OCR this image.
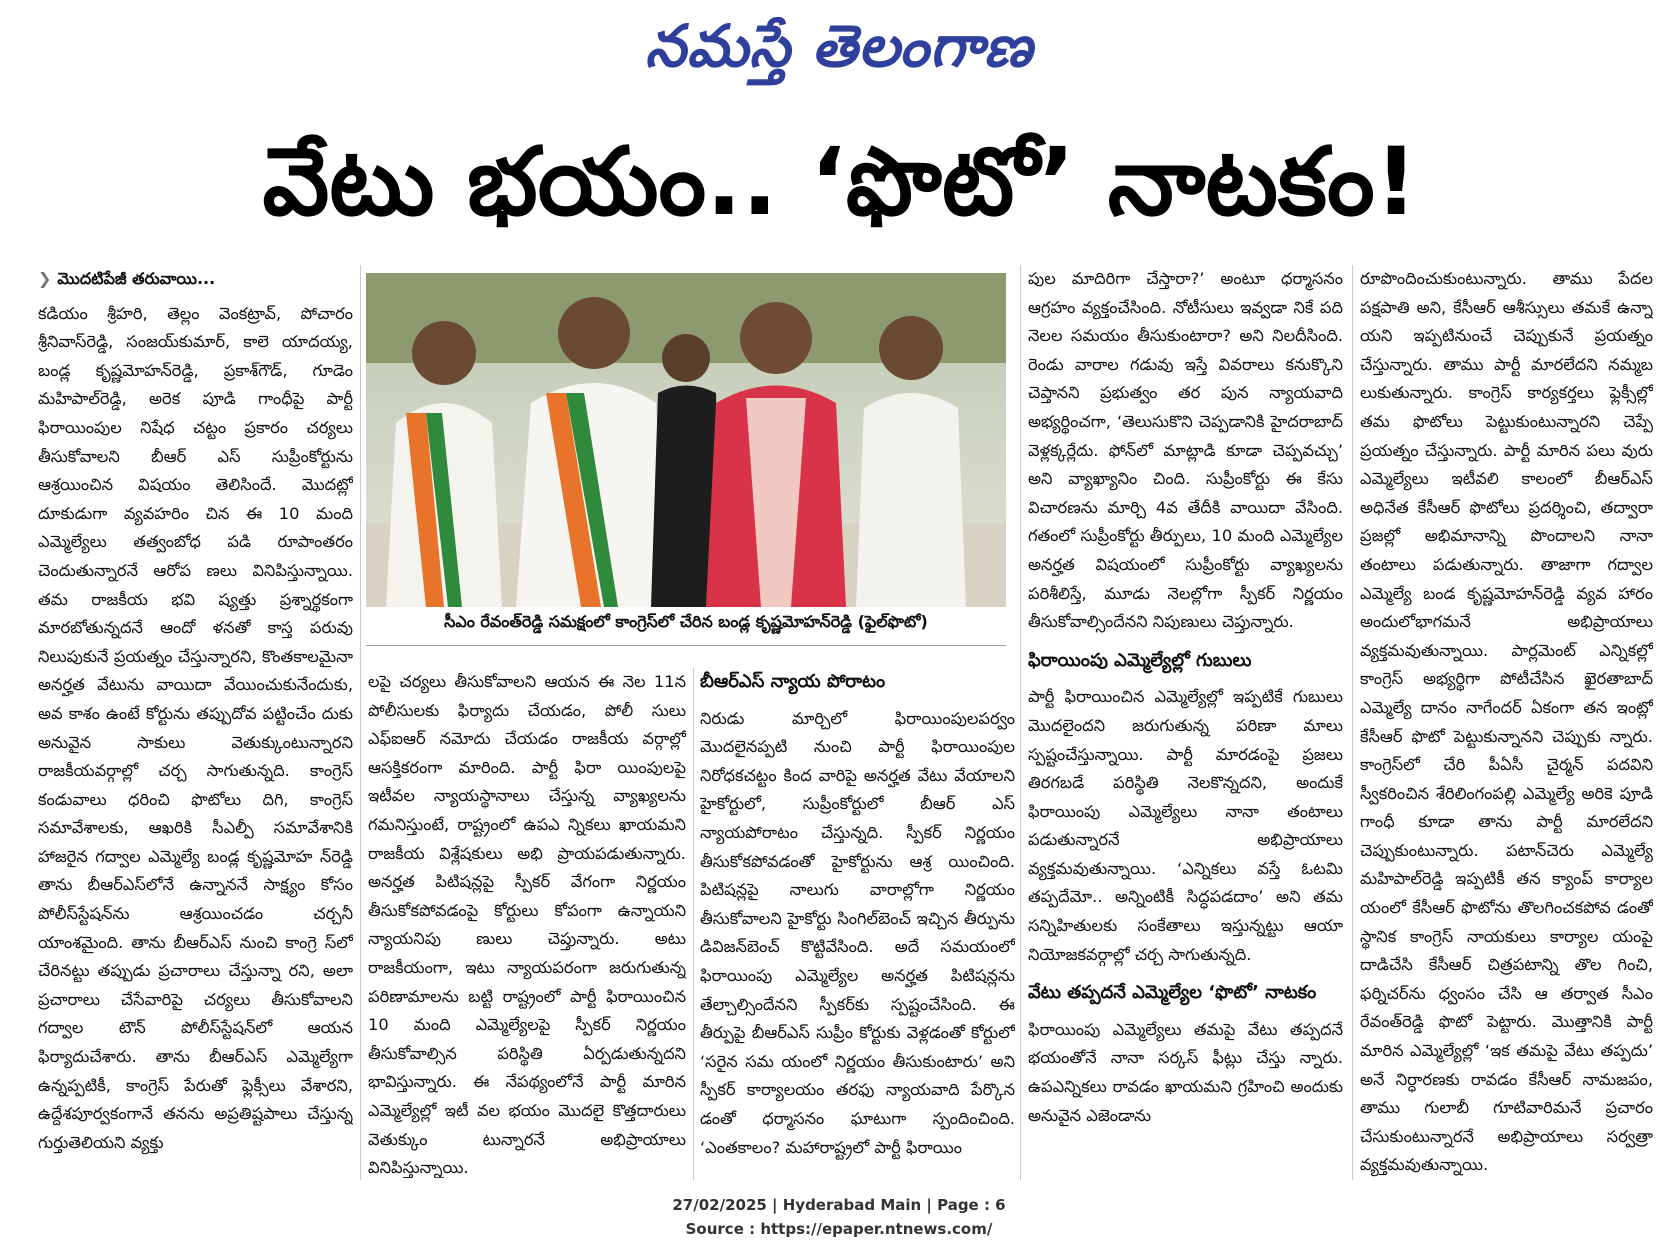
నమస్తే తెలంగాణ
వేటు భయం.. ‘ఫొటో’ నాటకం!
❯ మొదటిపేజీ తరువాయి...

కడియం శ్రీహరి, తెల్లం వెంకట్రావ్, పోచారం శ్రీనివాస్‌రెడ్డి, సంజయ్‌కుమార్, కాలె యాదయ్య, బండ్ల కృష్ణమోహన్‌రెడ్డి, ప్రకాశ్‌గౌడ్, గూడెం మహిపాల్‌రెడ్డి, అరెక పూడి గాంధీపై పార్టీ ఫిరాయింపుల నిషేధ చట్టం ప్రకారం చర్యలు తీసుకోవాలని బీఆర్ ఎస్ సుప్రీంకోర్టును ఆశ్రయించిన విషయం తెలిసిందే. మొదట్లో దూకుడుగా వ్యవహరిం చిన ఈ 10 మంది ఎమ్మెల్యేలు తత్వంబోధ పడి రూపాంతరం చెందుతున్నారనే ఆరోప ణలు వినిపిస్తున్నాయి. తమ రాజకీయ భవి ష్యత్తు ప్రశ్నార్థకంగా మారబోతున్నదనే ఆందో ళనతో కాస్త పరువు నిలుపుకునే ప్రయత్నం చేస్తున్నారని, కొంతకాలమైనా అనర్హత వేటును వాయిదా వేయించుకునేందుకు, అవ కాశం ఉంటే కోర్టును తప్పుదోవ పట్టించేం దుకు అనువైన సాకులు వెతుక్కుంటున్నారని రాజకీయవర్గాల్లో చర్చ సాగుతున్నది. కాంగ్రెస్ కండువాలు ధరించి ఫొటోలు దిగి, కాంగ్రెస్ సమావేశాలకు, ఆఖరికి సీఎల్పీ సమావేశానికి హాజరైన గద్వాల ఎమ్మెల్యే బండ్ల కృష్ణమోహ న్‌రెడ్డి తాను బీఆర్‌ఎస్‌లోనే ఉన్నాననే సాక్ష్యం కోసం పోలీస్‌స్టేషన్‌ను ఆశ్రయించడం చర్చనీ యాంశమైంది. తాను బీఆర్‌ఎస్ నుంచి కాంగ్రె స్‌లో చేరినట్టు తప్పుడు ప్రచారాలు చేస్తున్నా రని, అలా ప్రచారాలు చేసేవారిపై చర్యలు తీసుకోవాలని గద్వాల టౌన్ పోలీస్‌స్టేషన్‌లో ఆయన ఫిర్యాదుచేశారు. తాను బీఆర్‌ఎస్ ఎమ్మెల్యేగా ఉన్నప్పటికీ, కాంగ్రెస్ పేరుతో ఫ్లెక్సీలు వేశారని, ఉద్దేశపూర్వకంగానే తనను అప్రతిష్టపాలు చేస్తున్న గుర్తుతెలియని వ్యక్తు

సీఎం రేవంత్‌రెడ్డి సమక్షంలో కాంగ్రెస్‌లో చేరిన బండ్ల కృష్ణమోహన్‌రెడ్డి (ఫైల్‌ఫొటో)

లపై చర్యలు తీసుకోవాలని ఆయన ఈ నెల 11న పోలీసులకు ఫిర్యాదు చేయడం, పోలీ సులు ఎఫ్‌ఐఆర్ నమోదు చేయడం రాజకీయ వర్గాల్లో ఆసక్తికరంగా మారింది. పార్టీ ఫిరా యింపులపై ఇటీవల న్యాయస్థానాలు చేస్తున్న వ్యాఖ్యలను గమనిస్తుంటే, రాష్ట్రంలో ఉపఎ న్నికలు ఖాయమని రాజకీయ విశ్లేషకులు అభి ప్రాయపడుతున్నారు. అనర్హత పిటిషన్లపై స్పీకర్ వేగంగా నిర్ణయం తీసుకోకపోవడంపై కోర్టులు కోపంగా ఉన్నాయని న్యాయనిపు ణులు చెప్తున్నారు. అటు రాజకీయంగా, ఇటు న్యాయపరంగా జరుగుతున్న పరిణామాలను బట్టి రాష్ట్రంలో పార్టీ ఫిరాయించిన 10 మంది ఎమ్మెల్యేలపై స్పీకర్ నిర్ణయం తీసుకోవాల్సిన పరిస్థితి ఏర్పడుతున్నదని భావిస్తున్నారు. ఈ నేపథ్యంలోనే పార్టీ మారిన ఎమ్మెల్యేల్లో ఇటీ వల భయం మొదలై కొత్తదారులు వెతుక్కుం టున్నారనే అభిప్రాయాలు వినిపిస్తున్నాయి.

బీఆర్‌ఎస్ న్యాయ పోరాటం

నిరుడు మార్చిలో ఫిరాయింపులపర్వం మొదలైనప్పటి నుంచి పార్టీ ఫిరాయింపుల నిరోధకచట్టం కింద వారిపై అనర్హత వేటు వేయాలని హైకోర్టులో, సుప్రీంకోర్టులో బీఆర్ ఎస్ న్యాయపోరాటం చేస్తున్నది. స్పీకర్ నిర్ణయం తీసుకోకపోవడంతో హైకోర్టును ఆశ్ర యించింది. పిటిషన్లపై నాలుగు వారాల్లోగా నిర్ణయం తీసుకోవాలని హైకోర్టు సింగిల్‌బెంచ్ ఇచ్చిన తీర్పును డివిజన్‌బెంచ్ కొట్టివేసింది. అదే సమయంలో ఫిరాయింపు ఎమ్మెల్యేల అనర్హత పిటిషన్లను తేల్చాల్సిందేనని స్పీకర్‌కు స్పష్టంచేసింది. ఈ తీర్పుపై బీఆర్‌ఎస్ సుప్రీం కోర్టుకు వెళ్లడంతో కోర్టులో ‘సరైన సమ యంలో నిర్ణయం తీసుకుంటారు’ అని స్పీకర్ కార్యాలయం తరఫు న్యాయవాది పేర్కొన డంతో ధర్మాసనం ఘాటుగా స్పందించింది. ‘ఎంతకాలం? మహారాష్ట్రలో పార్టీ ఫిరాయిం

పుల మాదిరిగా చేస్తారా?’ అంటూ ధర్మాసనం ఆగ్రహం వ్యక్తంచేసింది. నోటీసులు ఇవ్వడా నికే పది నెలల సమయం తీసుకుంటారా? అని నిలదీసింది. రెండు వారాల గడువు ఇస్తే వివరాలు కనుక్కొని చెప్తానని ప్రభుత్వం తర పున న్యాయవాది అభ్యర్థించగా, ‘తెలుసుకొని చెప్పడానికి హైదరాబాద్ వెళ్లక్కర్లేదు. ఫోన్‌లో మాట్లాడి కూడా చెప్పవచ్చు’ అని వ్యాఖ్యానిం చింది. సుప్రీంకోర్టు ఈ కేసు విచారణను మార్చి 4వ తేదీకి వాయిదా వేసింది. గతంలో సుప్రీంకోర్టు తీర్పులు, 10 మంది ఎమ్మెల్యేల అనర్హత విషయంలో సుప్రీంకోర్టు వ్యాఖ్యలను పరిశీలిస్తే, మూడు నెలల్లోగా స్పీకర్ నిర్ణయం తీసుకోవాల్సిందేనని నిపుణులు చెప్తున్నారు.

ఫిరాయింపు ఎమ్మెల్యేల్లో గుబులు

పార్టీ ఫిరాయించిన ఎమ్మెల్యేల్లో ఇప్పటికే గుబులు మొదలైందని జరుగుతున్న పరిణా మాలు స్పష్టంచేస్తున్నాయి. పార్టీ మారడంపై ప్రజలు తిరగబడే పరిస్థితి నెలకొన్నదని, అందుకే ఫిరాయింపు ఎమ్మెల్యేలు నానా తంటాలు పడుతున్నారనే అభిప్రాయాలు వ్యక్తమవుతున్నాయి. ‘ఎన్నికలు వస్తే ఓటమి తప్పదేమో.. అన్నింటికీ సిద్ధపడదాం’ అని తమ సన్నిహితులకు సంకేతాలు ఇస్తున్నట్టు ఆయా నియోజకవర్గాల్లో చర్చ సాగుతున్నది.

వేటు తప్పదనే ఎమ్మెల్యేల ‘ఫొటో’ నాటకం

ఫిరాయింపు ఎమ్మెల్యేలు తమపై వేటు తప్పదనే భయంతోనే నానా సర్కస్ ఫీట్లు చేస్తు న్నారు. ఉపఎన్నికలు రావడం ఖాయమని గ్రహించి అందుకు అనువైన ఎజెండాను

రూపొందించుకుంటున్నారు. తాము పేదల పక్షపాతి అని, కేసీఆర్ ఆశీస్సులు తమకే ఉన్నా యని ఇప్పటినుంచే చెప్పుకునే ప్రయత్నం చేస్తున్నారు. తాము పార్టీ మారలేదని నమ్మబ లుకుతున్నారు. కాంగ్రెస్ కార్యకర్తలు ఫ్లెక్సీల్లో తమ ఫొటోలు పెట్టుకుంటున్నారని చెప్పే ప్రయత్నం చేస్తున్నారు. పార్టీ మారిన పలు వురు ఎమ్మెల్యేలు ఇటీవలి కాలంలో బీఆర్‌ఎస్ అధినేత కేసీఆర్ ఫొటోలు ప్రదర్శించి, తద్వారా ప్రజల్లో అభిమానాన్ని పొందాలని నానా తంటాలు పడుతున్నారు. తాజాగా గద్వాల ఎమ్మెల్యే బండ కృష్ణమోహన్‌రెడ్డి వ్యవ హారం అందులోభాగమనే అభిప్రాయాలు వ్యక్తమవుతున్నాయి. పార్లమెంట్ ఎన్నికల్లో కాంగ్రెస్ అభ్యర్థిగా పోటీచేసిన ఖైరతాబాద్ ఎమ్మెల్యే దానం నాగేందర్ ఏకంగా తన ఇంట్లో కేసీఆర్ ఫొటో పెట్టుకున్నానని చెప్పుకు న్నారు. కాంగ్రెస్‌లో చేరి పీఏసీ చైర్మన్ పదవిని స్వీకరించిన శేరిలింగంపల్లి ఎమ్మెల్యే అరికె పూడి గాంధీ కూడా తాను పార్టీ మారలేదని చెప్పుకుంటున్నారు. పటాన్‌చెరు ఎమ్మెల్యే మహిపాల్‌రెడ్డి ఇప్పటికీ తన క్యాంప్ కార్యాల యంలో కేసీఆర్ ఫొటోను తొలగించకపోవ డంతో స్థానిక కాంగ్రెస్ నాయకులు కార్యాల యంపై దాడిచేసి కేసీఆర్ చిత్రపటాన్ని తొల గించి, ఫర్నిచర్‌ను ధ్వంసం చేసి ఆ తర్వాత సీఎం రేవంత్‌రెడ్డి ఫొటో పెట్టారు. మొత్తానికి పార్టీ మారిన ఎమ్మెల్యేల్లో ‘ఇక తమపై వేటు తప్పదు’ అనే నిర్ధారణకు రావడం కేసీఆర్ నామజపం, తాము గులాబీ గూటివారిమనే ప్రచారం చేసుకుంటున్నారనే అభిప్రాయాలు సర్వత్రా వ్యక్తమవుతున్నాయి.

27/02/2025 | Hyderabad Main | Page : 6
Source : https://epaper.ntnews.com/
